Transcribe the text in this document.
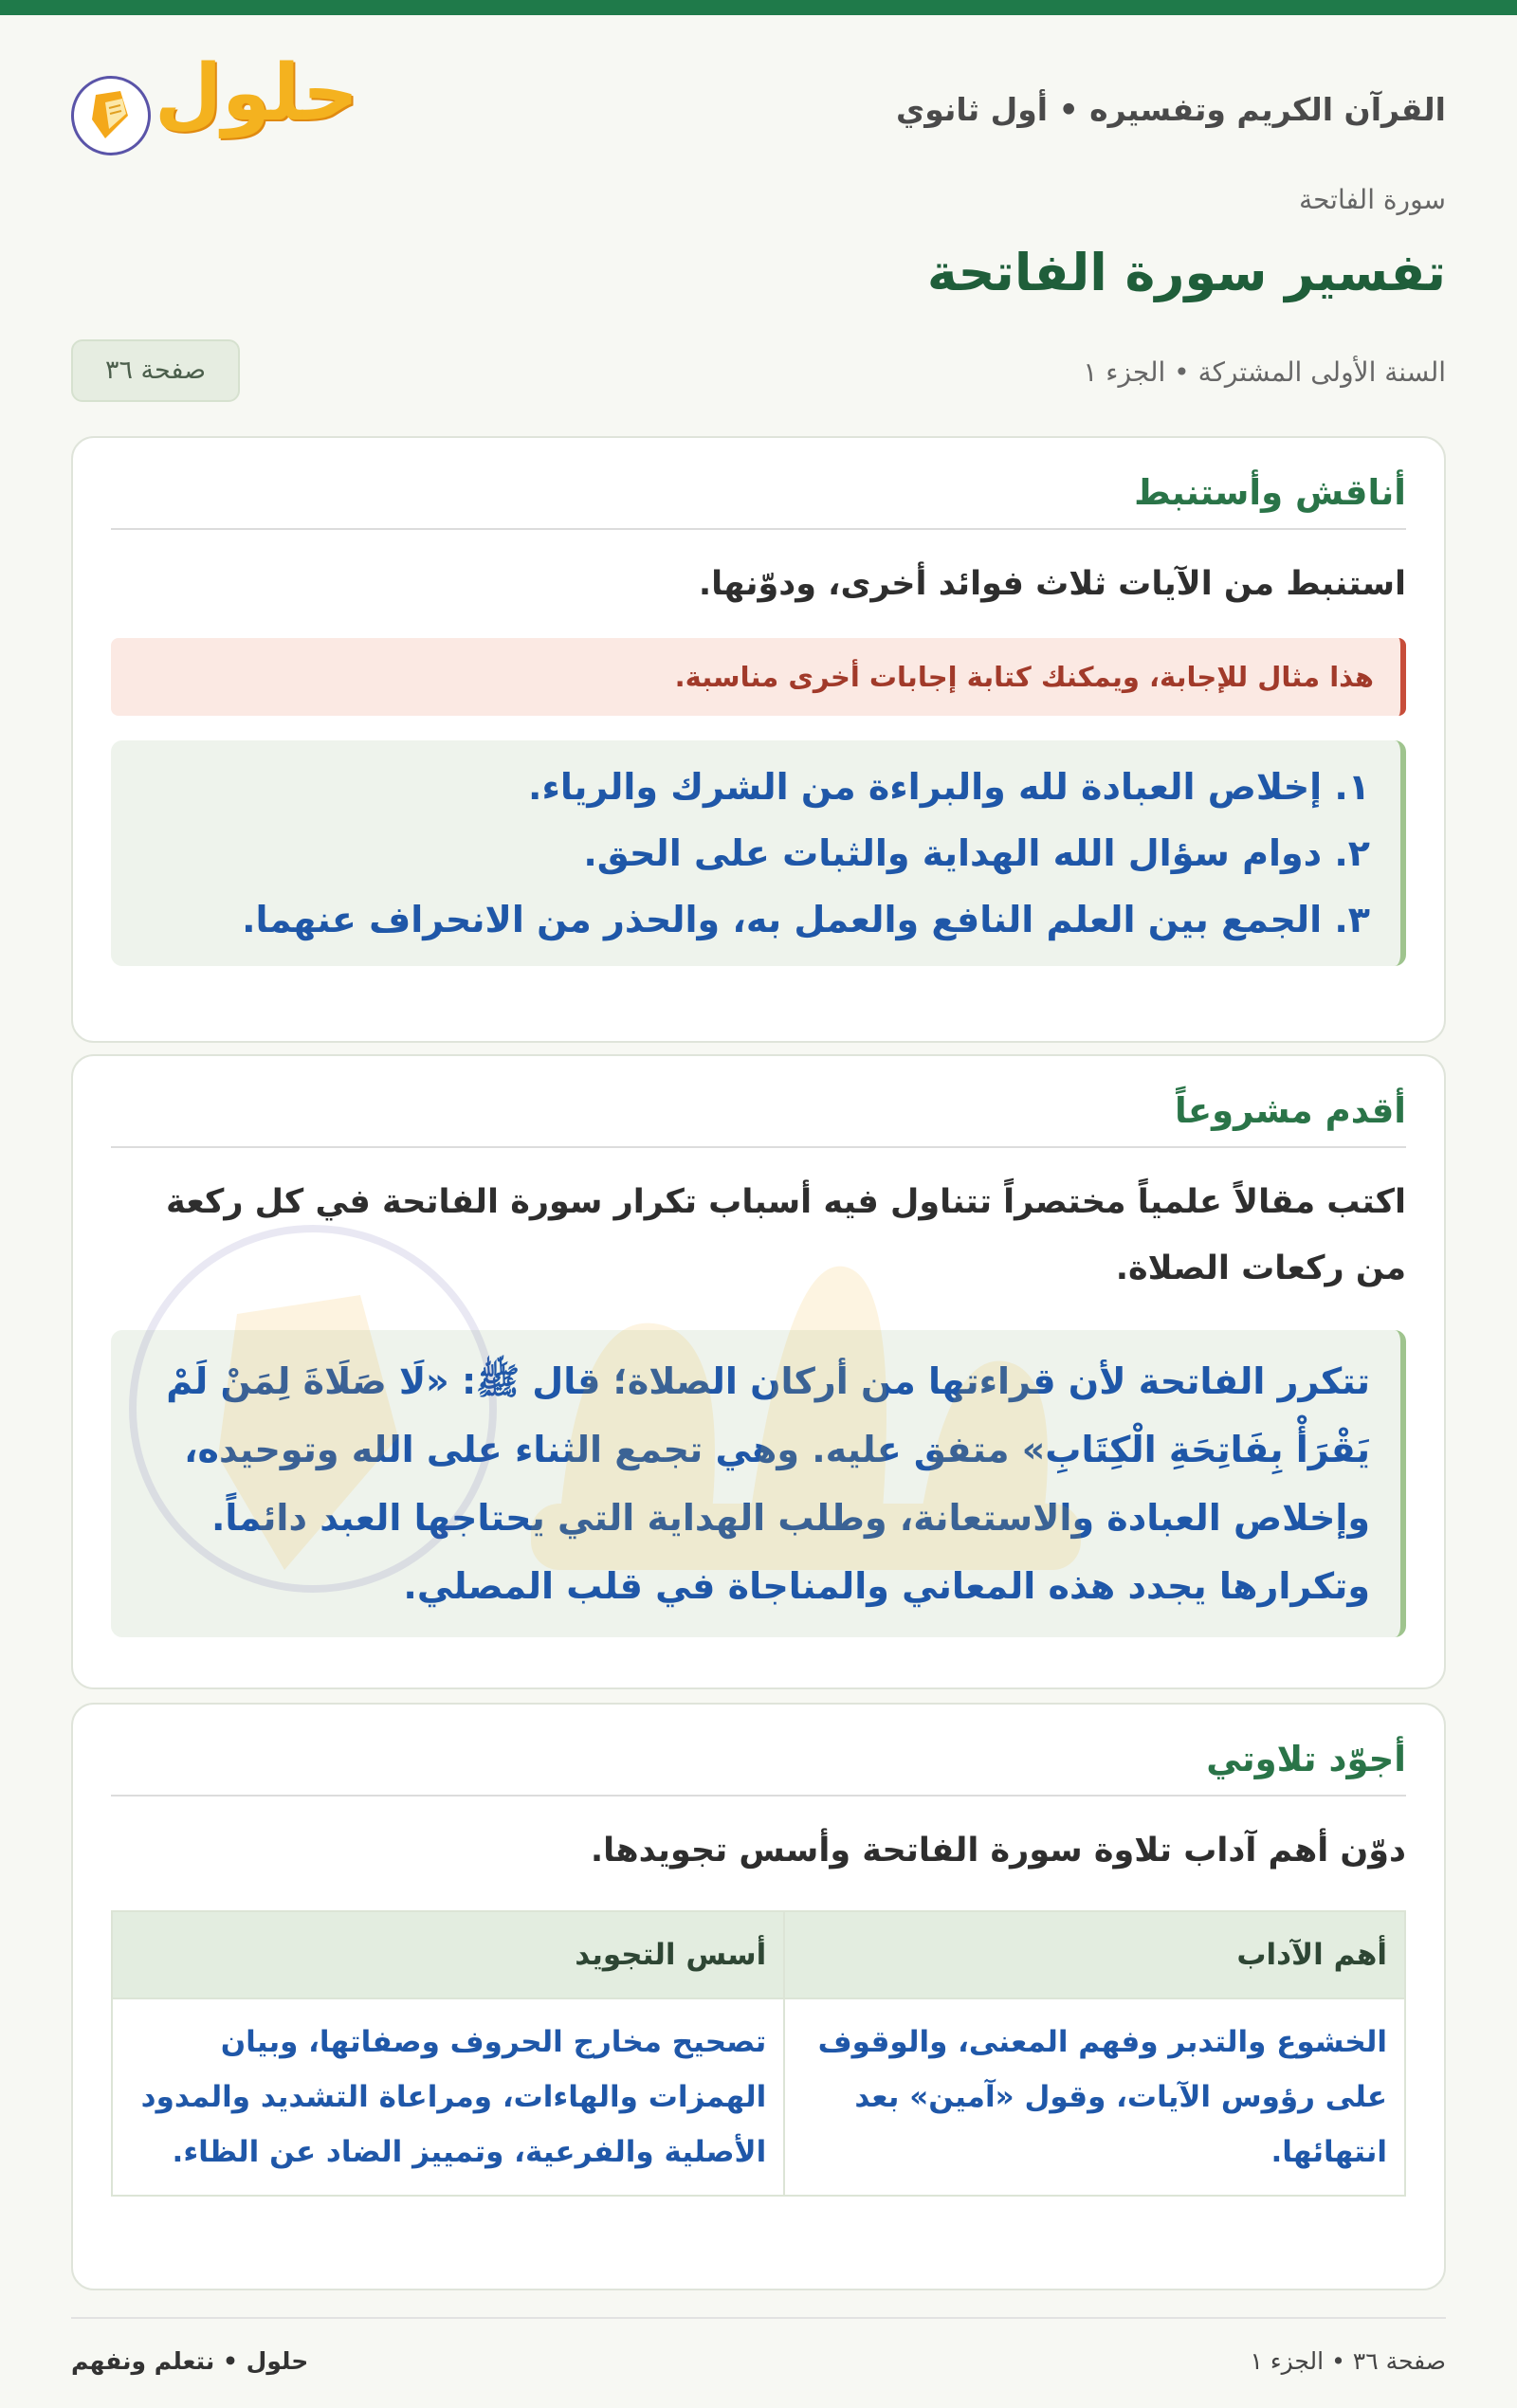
القرآن الكريم وتفسيره • أول ثانوي
حلول
سورة الفاتحة
تفسير سورة الفاتحة
السنة الأولى المشتركة • الجزء ١
صفحة ٣٦
أناقش وأستنبط
استنبط من الآيات ثلاث فوائد أخرى، ودوّنها.
هذا مثال للإجابة، ويمكنك كتابة إجابات أخرى مناسبة.
١. إخلاص العبادة لله والبراءة من الشرك والرياء.
٢. دوام سؤال الله الهداية والثبات على الحق.
٣. الجمع بين العلم النافع والعمل به، والحذر من الانحراف عنهما.
أقدم مشروعاً
اكتب مقالاً علمياً مختصراً تتناول فيه أسباب تكرار سورة الفاتحة في كل ركعة من ركعات الصلاة.
تتكرر الفاتحة لأن قراءتها من أركان الصلاة؛ قال ﷺ: «لَا صَلَاةَ لِمَنْ لَمْ يَقْرَأْ بِفَاتِحَةِ الْكِتَابِ» متفق عليه. وهي تجمع الثناء على الله وتوحيده، وإخلاص العبادة والاستعانة، وطلب الهداية التي يحتاجها العبد دائماً. وتكرارها يجدد هذه المعاني والمناجاة في قلب المصلي.
أجوّد تلاوتي
دوّن أهم آداب تلاوة سورة الفاتحة وأسس تجويدها.
أهم الآداب	أسس التجويد
الخشوع والتدبر وفهم المعنى، والوقوف على رؤوس الآيات، وقول «آمين» بعد انتهائها.	تصحيح مخارج الحروف وصفاتها، وبيان الهمزات والهاءات، ومراعاة التشديد والمدود الأصلية والفرعية، وتمييز الضاد عن الظاء.
صفحة ٣٦ • الجزء ١
حلول • نتعلم ونفهم
